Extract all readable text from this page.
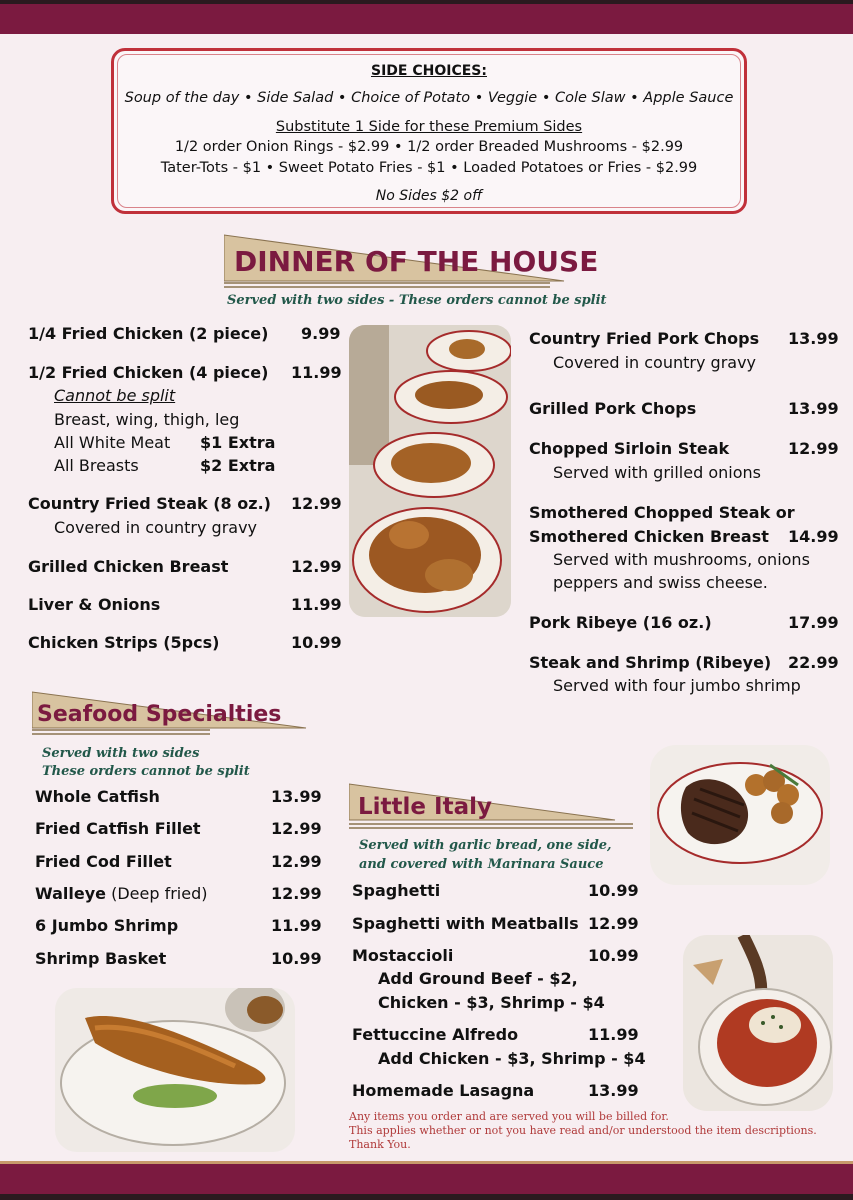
SIDE CHOICES:
Soup of the day • Side Salad • Choice of Potato • Veggie • Cole Slaw • Apple Sauce
Substitute 1 Side for these Premium Sides
1/2 order Onion Rings - $2.99 • 1/2 order Breaded Mushrooms - $2.99
Tater-Tots - $1 • Sweet Potato Fries - $1 • Loaded Potatoes or Fries - $2.99
No Sides $2 off
DINNER OF THE HOUSE
Served with two sides - These orders cannot be split
1/4 Fried Chicken (2 piece) 9.99
1/2 Fried Chicken (4 piece) 11.99
Cannot be split
Breast, wing, thigh, leg
All White Meat $1 Extra
All Breasts	$2 Extra
Country Fried Steak (8 oz.) 12.99
Covered in country gravy
Grilled Chicken Breast	12.99
Liver & Onions	11.99
Chicken Strips (5pcs)	10.99
Country Fried Pork Chops 13.99
Covered in country gravy
Grilled Pork Chops	13.99
Chopped Sirloin Steak	12.99
Served with grilled onions
Smothered Chopped Steak or
Smothered Chicken Breast 14.99
Served with mushrooms, onions
peppers and swiss cheese.
Pork Ribeye (16 oz.)	17.99
Steak and Shrimp (Ribeye) 22.99
Served with four jumbo shrimp
Seafood Specialties
Served with two sides
These orders cannot be split
Whole Catfish	13.99
Fried Catfish Fillet	12.99
Fried Cod Fillet	12.99
Walleye (Deep fried)	12.99
6 Jumbo Shrimp	11.99
Shrimp Basket	10.99
Little Italy
Served with garlic bread, one side,
and covered with Marinara Sauce
Spaghetti	10.99
Spaghetti with Meatballs 12.99
Mostaccioli	10.99
Add Ground Beef - $2,
Chicken - $3, Shrimp - $4
Fettuccine Alfredo	11.99
Add Chicken - $3, Shrimp - $4
Homemade Lasagna	13.99
Any items you order and are served you will be billed for.
This applies whether or not you have read and/or understood the item descriptions.
Thank You.
